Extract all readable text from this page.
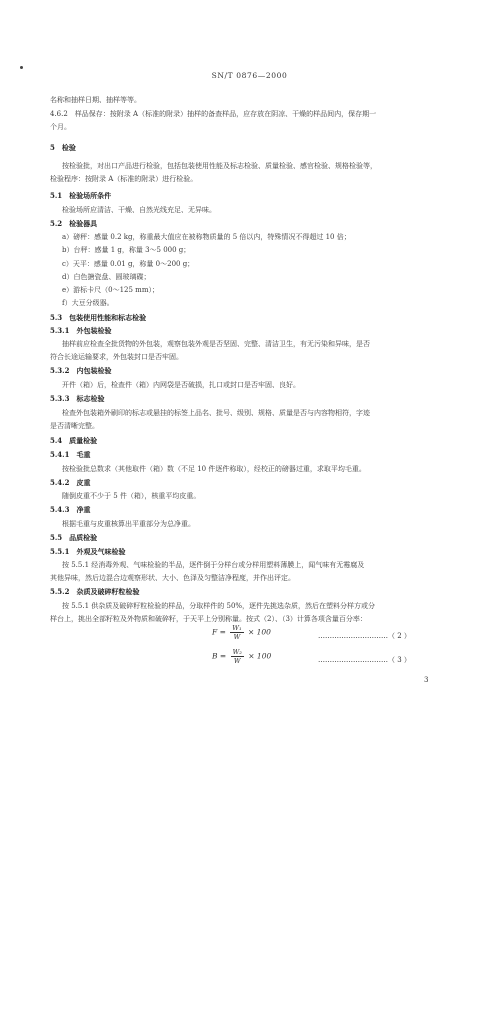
SN/T 0876—2000
名称和抽样日期、抽样等等。
4.6.2　样品保存：按附录 A（标准的附录）抽样的备查样品，应存放在阴凉、干燥的样品间内，保存期一
个月。
5　检验
按检验批，对出口产品进行检验，包括包装使用性能及标志检验、质量检验、感官检验、规格检验等，
检验程序：按附录 A（标准的附录）进行检验。
5.1　检验场所条件
检验场所应清洁、干燥、自然光线充足、无异味。
5.2　检验器具
a）磅秤：感量 0.2 kg，称重最大值应在被称物质量的 5 倍以内，特殊情况不得超过 10 倍；
b）台秤：感量 1 g，称量 3～5 000 g；
c）天平：感量 0.01 g，称量 0～200 g；
d）白色搪瓷盘、圆玻璃碟；
e）游标卡尺（0～125 mm）；
f）大豆分级器。
5.3　包装使用性能和标志检验
5.3.1　外包装检验
抽样前应检查全批货物的外包装，观察包装外观是否坚固、完整、清洁卫生，有无污染和异味，是否
符合长途运输要求，外包装封口是否牢固。
5.3.2　内包装检验
开件（箱）后，检查件（箱）内网袋是否破损，扎口或封口是否牢固、良好。
5.3.3　标志检验
检查外包装箱外刷印的标志或悬挂的标签上品名、批号、级别、规格、质量是否与内容物相符，字迹
是否清晰完整。
5.4　质量检验
5.4.1　毛重
按检验批总数求（其他取件（箱）数（不足 10 件逐件称取），经校正的磅器过重，求取平均毛重。
5.4.2　皮重
随倒皮重不少于 5 件（箱），核重平均皮重。
5.4.3　净重
根据毛重与皮重核算出平重部分为总净重。
5.5　品质检验
5.5.1　外观及气味检验
按 5.5.1 经消毒外观、气味检验的半品，逐件倒于分样台或分样用塑料薄膜上，闻气味有无霉腐及
其他异味，然后边混合边观察形状、大小、色泽及匀整洁净程度，并作出评定。
5.5.2　杂质及破碎籽粒检验
按 5.5.1 供杂质及破碎籽粒检验的样品，分取样件的 50%，逐件先挑选杂质，然后在塑料分样方或分
样台上，挑出全部籽粒及外物质和破碎籽，于天平上分别称量。按式（2）、（3）计算各项含量百分率：
$F = \frac{\text{W₁}}{W} \times 100$	…………………………（ 2 ）
$B = \frac{\text{W₂}}{W} \times 100$	…………………………（ 3 ）
3
